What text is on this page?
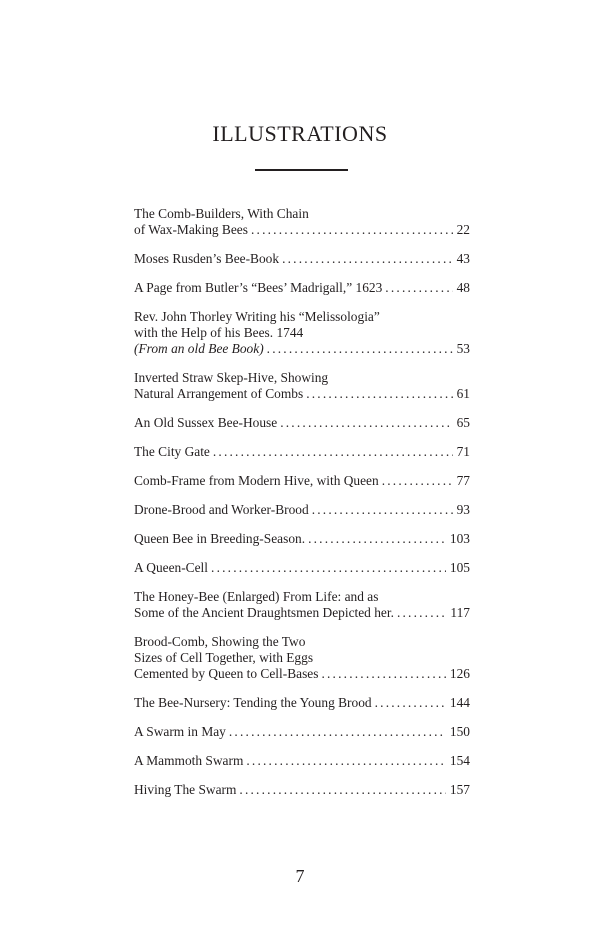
ILLUSTRATIONS
The Comb-Builders, With Chain
of Wax-Making Bees .....	22
Moses Rusden’s Bee-Book .....	43
A Page from Butler’s “Bees’ Madrigall,” 1623 .....	48
Rev. John Thorley Writing his “Melissologia”
with the Help of his Bees. 1744
(From an old Bee Book) .....	53
Inverted Straw Skep-Hive, Showing
Natural Arrangement of Combs .....	61
An Old Sussex Bee-House .....	65
The City Gate .....	71
Comb-Frame from Modern Hive, with Queen .....	77
Drone-Brood and Worker-Brood .....	93
Queen Bee in Breeding-Season. .....	103
A Queen-Cell .....	105
The Honey-Bee (Enlarged) From Life: and as
Some of the Ancient Draughtsmen Depicted her. .....	117
Brood-Comb, Showing the Two
Sizes of Cell Together, with Eggs
Cemented by Queen to Cell-Bases .....	126
The Bee-Nursery: Tending the Young Brood .....	144
A Swarm in May .....	150
A Mammoth Swarm .....	154
Hiving The Swarm .....	157
7
